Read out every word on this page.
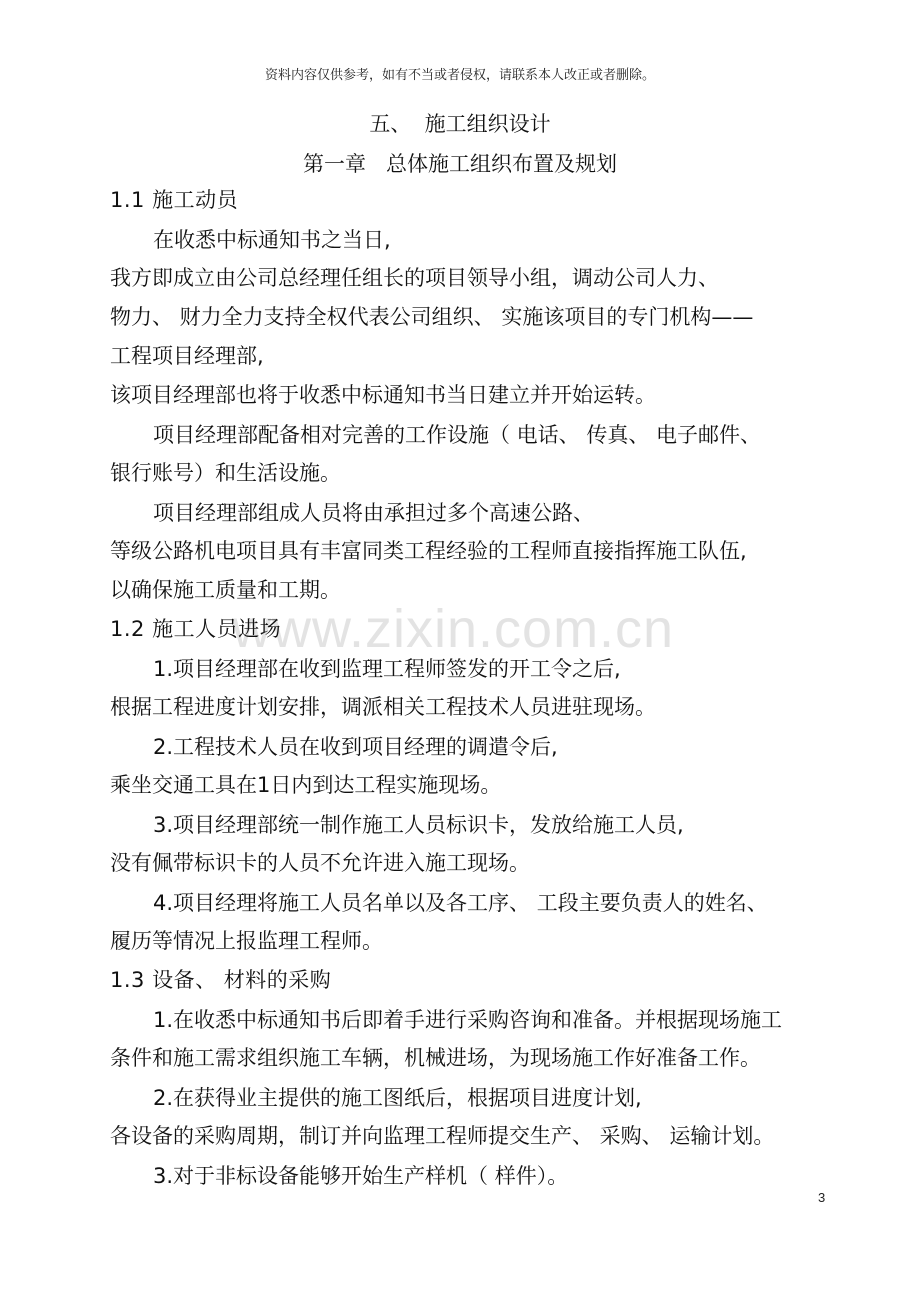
www.zixin.com.cn
资料内容仅供参考，如有不当或者侵权，请联系本人改正或者删除。
五、  施工组织设计
第一章   总体施工组织布置及规划
1.1 施工动员
在收悉中标通知书之当日,
我方即成立由公司总经理任组长的项目领导小组，调动公司人力、
物力、 财力全力支持全权代表公司组织、 实施该项目的专门机构——
工程项目经理部,
该项目经理部也将于收悉中标通知书当日建立并开始运转。
项目经理部配备相对完善的工作设施（ 电话、 传真、 电子邮件、
银行账号）和生活设施。
项目经理部组成人员将由承担过多个高速公路、
等级公路机电项目具有丰富同类工程经验的工程师直接指挥施工队伍,
以确保施工质量和工期。
1.2 施工人员进场
1.项目经理部在收到监理工程师签发的开工令之后,
根据工程进度计划安排，调派相关工程技术人员进驻现场。
2.工程技术人员在收到项目经理的调遣令后,
乘坐交通工具在1日内到达工程实施现场。
3.项目经理部统一制作施工人员标识卡，发放给施工人员,
没有佩带标识卡的人员不允许进入施工现场。
4.项目经理将施工人员名单以及各工序、 工段主要负责人的姓名、
履历等情况上报监理工程师。
1.3 设备、 材料的采购
1.在收悉中标通知书后即着手进行采购咨询和准备。并根据现场施工
条件和施工需求组织施工车辆，机械进场，为现场施工作好准备工作。
2.在获得业主提供的施工图纸后，根据项目进度计划,
各设备的采购周期，制订并向监理工程师提交生产、 采购、 运输计划。
3.对于非标设备能够开始生产样机（ 样件）。
3
